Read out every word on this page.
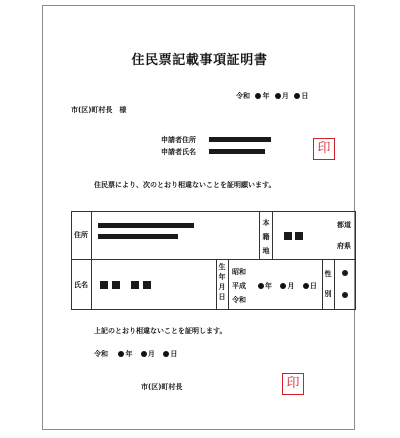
住民票記載事項証明書
令和 年 月 日
市(区)町村長　様
申請者住所
申請者氏名	印
住民票により、次のとおり相違ないことを証明願います。
住所
本
籍
地
都道
府県
氏名
生
年
月
日
昭和
平成
令和
年 月 日
性
別
上記のとおり相違ないことを証明します。
令和 年 月 日
市(区)町村長	印
